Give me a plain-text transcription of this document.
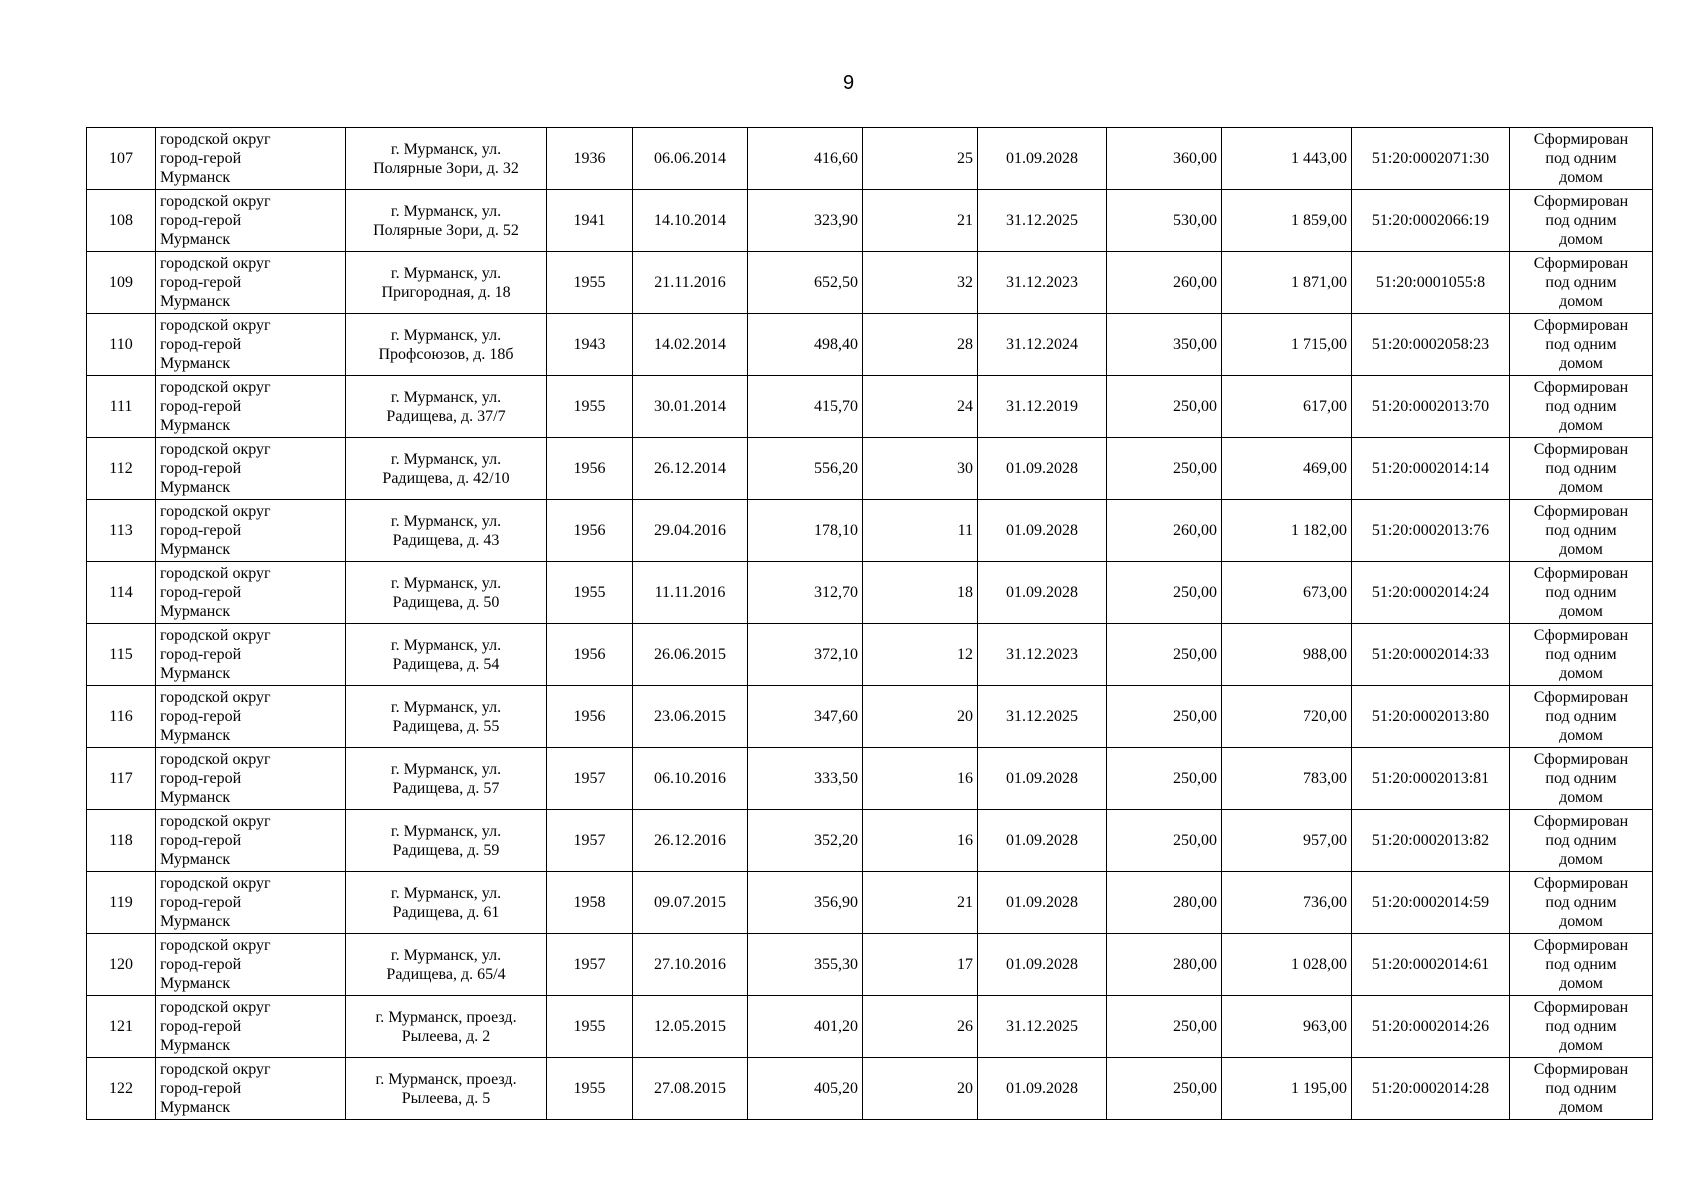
9
107	городской округ
город-герой
Мурманск	г. Мурманск, ул.
Полярные Зори, д. 32	1936	06.06.2014	416,60	25	01.09.2028	360,00	1 443,00	51:20:0002071:30	Сформирован
под одним
домом

108	городской округ
город-герой
Мурманск	г. Мурманск, ул.
Полярные Зори, д. 52	1941	14.10.2014	323,90	21	31.12.2025	530,00	1 859,00	51:20:0002066:19	Сформирован
под одним
домом

109	городской округ
город-герой
Мурманск	г. Мурманск, ул.
Пригородная, д. 18	1955	21.11.2016	652,50	32	31.12.2023	260,00	1 871,00	51:20:0001055:8	Сформирован
под одним
домом

110	городской округ
город-герой
Мурманск	г. Мурманск, ул.
Профсоюзов, д. 18б	1943	14.02.2014	498,40	28	31.12.2024	350,00	1 715,00	51:20:0002058:23	Сформирован
под одним
домом

111	городской округ
город-герой
Мурманск	г. Мурманск, ул.
Радищева, д. 37/7	1955	30.01.2014	415,70	24	31.12.2019	250,00	617,00	51:20:0002013:70	Сформирован
под одним
домом

112	городской округ
город-герой
Мурманск	г. Мурманск, ул.
Радищева, д. 42/10	1956	26.12.2014	556,20	30	01.09.2028	250,00	469,00	51:20:0002014:14	Сформирован
под одним
домом

113	городской округ
город-герой
Мурманск	г. Мурманск, ул.
Радищева, д. 43	1956	29.04.2016	178,10	11	01.09.2028	260,00	1 182,00	51:20:0002013:76	Сформирован
под одним
домом

114	городской округ
город-герой
Мурманск	г. Мурманск, ул.
Радищева, д. 50	1955	11.11.2016	312,70	18	01.09.2028	250,00	673,00	51:20:0002014:24	Сформирован
под одним
домом

115	городской округ
город-герой
Мурманск	г. Мурманск, ул.
Радищева, д. 54	1956	26.06.2015	372,10	12	31.12.2023	250,00	988,00	51:20:0002014:33	Сформирован
под одним
домом

116	городской округ
город-герой
Мурманск	г. Мурманск, ул.
Радищева, д. 55	1956	23.06.2015	347,60	20	31.12.2025	250,00	720,00	51:20:0002013:80	Сформирован
под одним
домом

117	городской округ
город-герой
Мурманск	г. Мурманск, ул.
Радищева, д. 57	1957	06.10.2016	333,50	16	01.09.2028	250,00	783,00	51:20:0002013:81	Сформирован
под одним
домом

118	городской округ
город-герой
Мурманск	г. Мурманск, ул.
Радищева, д. 59	1957	26.12.2016	352,20	16	01.09.2028	250,00	957,00	51:20:0002013:82	Сформирован
под одним
домом

119	городской округ
город-герой
Мурманск	г. Мурманск, ул.
Радищева, д. 61	1958	09.07.2015	356,90	21	01.09.2028	280,00	736,00	51:20:0002014:59	Сформирован
под одним
домом

120	городской округ
город-герой
Мурманск	г. Мурманск, ул.
Радищева, д. 65/4	1957	27.10.2016	355,30	17	01.09.2028	280,00	1 028,00	51:20:0002014:61	Сформирован
под одним
домом

121	городской округ
город-герой
Мурманск	г. Мурманск, проезд.
Рылеева, д. 2	1955	12.05.2015	401,20	26	31.12.2025	250,00	963,00	51:20:0002014:26	Сформирован
под одним
домом

122	городской округ
город-герой
Мурманск	г. Мурманск, проезд.
Рылеева, д. 5	1955	27.08.2015	405,20	20	01.09.2028	250,00	1 195,00	51:20:0002014:28	Сформирован
под одним
домом
